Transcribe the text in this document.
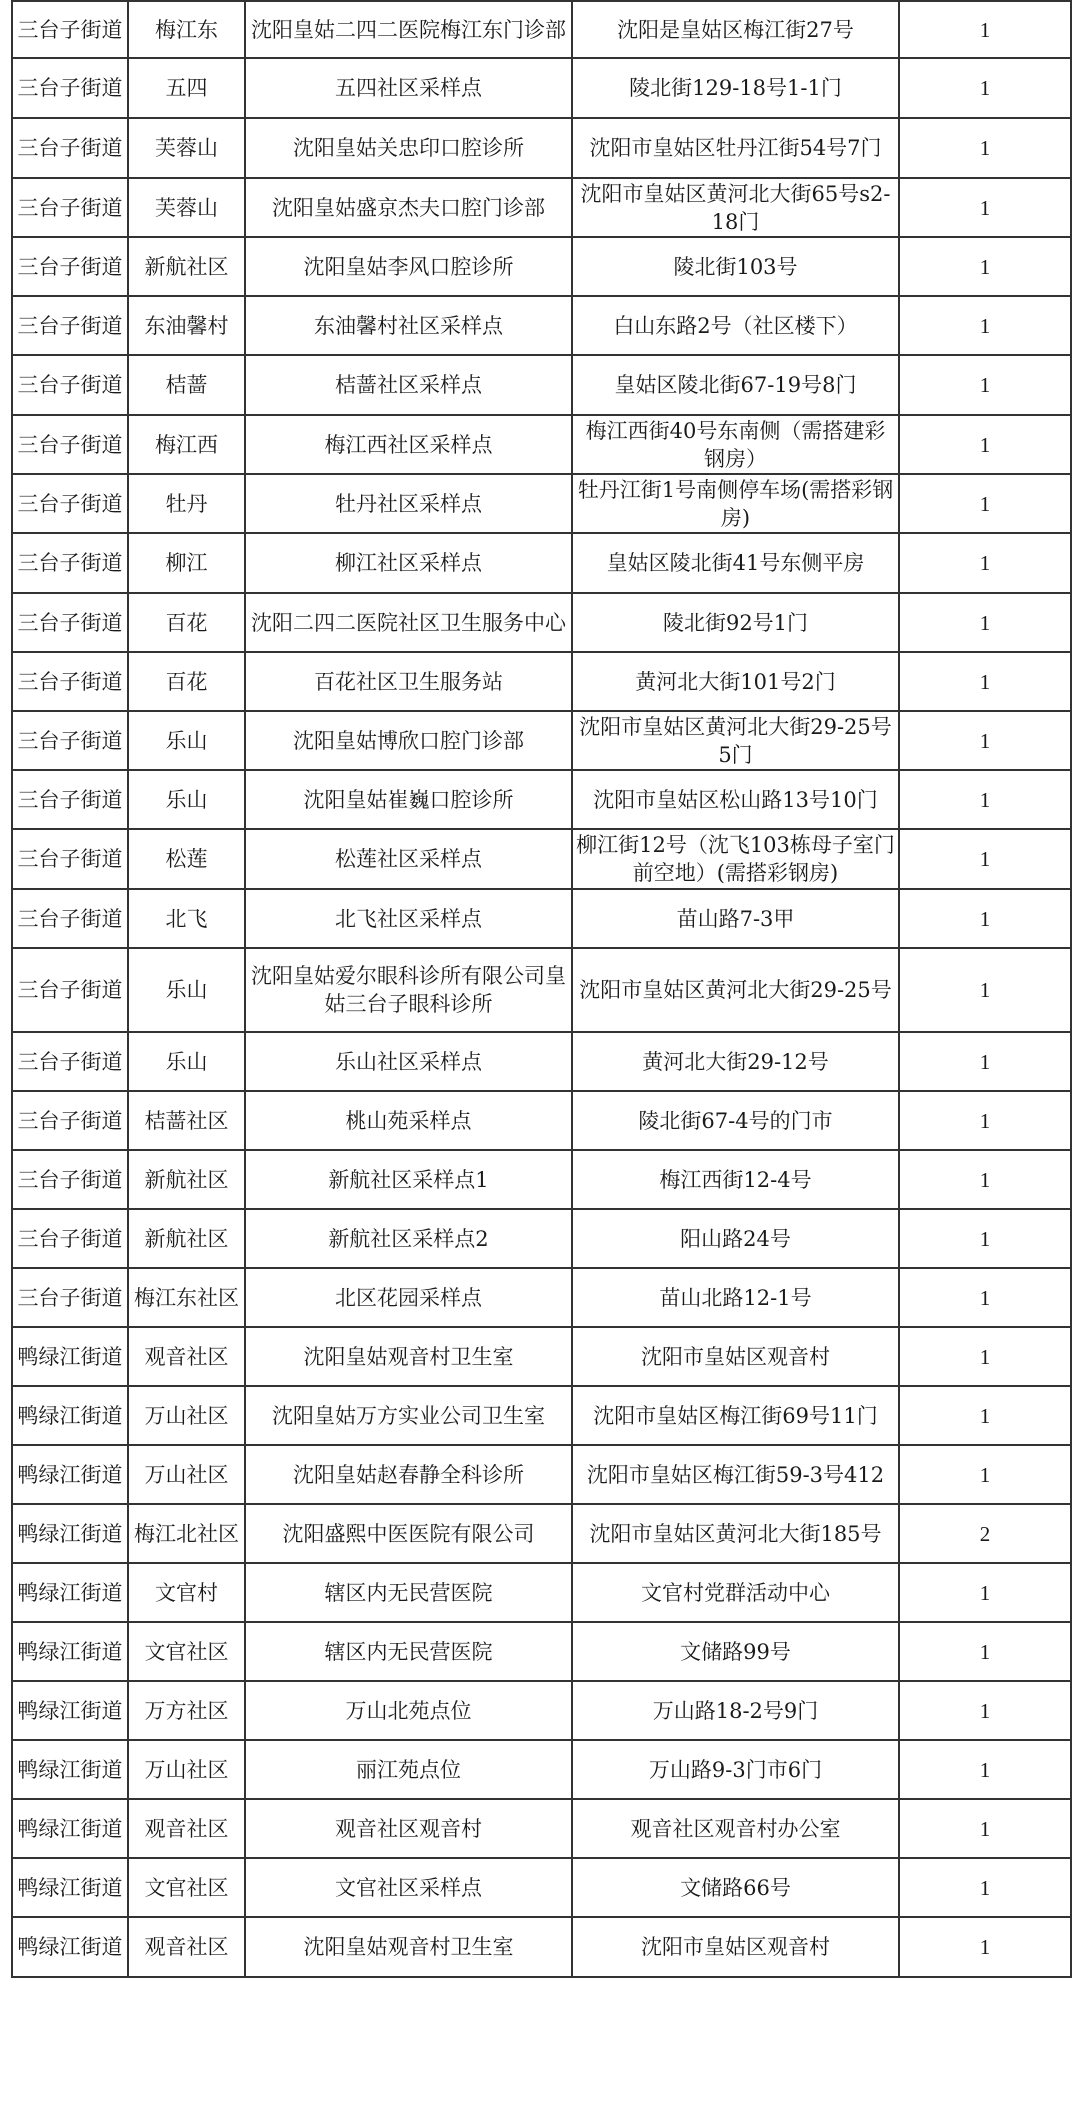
三台子街道	梅江东	沈阳皇姑二四二医院梅江东门诊部	沈阳是皇姑区梅江街27号	1
三台子街道	五四	五四社区采样点	陵北街129-18号1-1门	1
三台子街道	芙蓉山	沈阳皇姑关忠印口腔诊所	沈阳市皇姑区牡丹江街54号7门	1
三台子街道	芙蓉山	沈阳皇姑盛京杰夫口腔门诊部	沈阳市皇姑区黄河北大街65号s2-18门	1
三台子街道	新航社区	沈阳皇姑李风口腔诊所	陵北街103号	1
三台子街道	东油馨村	东油馨村社区采样点	白山东路2号（社区楼下）	1
三台子街道	桔蔷	桔蔷社区采样点	皇姑区陵北街67-19号8门	1
三台子街道	梅江西	梅江西社区采样点	梅江西街40号东南侧（需搭建彩钢房）	1
三台子街道	牡丹	牡丹社区采样点	牡丹江街1号南侧停车场(需搭彩钢房)	1
三台子街道	柳江	柳江社区采样点	皇姑区陵北街41号东侧平房	1
三台子街道	百花	沈阳二四二医院社区卫生服务中心	陵北街92号1门	1
三台子街道	百花	百花社区卫生服务站	黄河北大街101号2门	1
三台子街道	乐山	沈阳皇姑博欣口腔门诊部	沈阳市皇姑区黄河北大街29-25号5门	1
三台子街道	乐山	沈阳皇姑崔巍口腔诊所	沈阳市皇姑区松山路13号10门	1
三台子街道	松莲	松莲社区采样点	柳江街12号（沈飞103栋母子室门前空地）(需搭彩钢房)	1
三台子街道	北飞	北飞社区采样点	苗山路7-3甲	1
三台子街道	乐山	沈阳皇姑爱尔眼科诊所有限公司皇姑三台子眼科诊所	沈阳市皇姑区黄河北大街29-25号	1
三台子街道	乐山	乐山社区采样点	黄河北大街29-12号	1
三台子街道	桔蔷社区	桃山苑采样点	陵北街67-4号的门市	1
三台子街道	新航社区	新航社区采样点1	梅江西街12-4号	1
三台子街道	新航社区	新航社区采样点2	阳山路24号	1
三台子街道	梅江东社区	北区花园采样点	苗山北路12-1号	1
鸭绿江街道	观音社区	沈阳皇姑观音村卫生室	沈阳市皇姑区观音村	1
鸭绿江街道	万山社区	沈阳皇姑万方实业公司卫生室	沈阳市皇姑区梅江街69号11门	1
鸭绿江街道	万山社区	沈阳皇姑赵春静全科诊所	沈阳市皇姑区梅江街59-3号412	1
鸭绿江街道	梅江北社区	沈阳盛熙中医医院有限公司	沈阳市皇姑区黄河北大街185号	2
鸭绿江街道	文官村	辖区内无民营医院	文官村党群活动中心	1
鸭绿江街道	文官社区	辖区内无民营医院	文储路99号	1
鸭绿江街道	万方社区	万山北苑点位	万山路18-2号9门	1
鸭绿江街道	万山社区	丽江苑点位	万山路9-3门市6门	1
鸭绿江街道	观音社区	观音社区观音村	观音社区观音村办公室	1
鸭绿江街道	文官社区	文官社区采样点	文储路66号	1
鸭绿江街道	观音社区	沈阳皇姑观音村卫生室	沈阳市皇姑区观音村	1
